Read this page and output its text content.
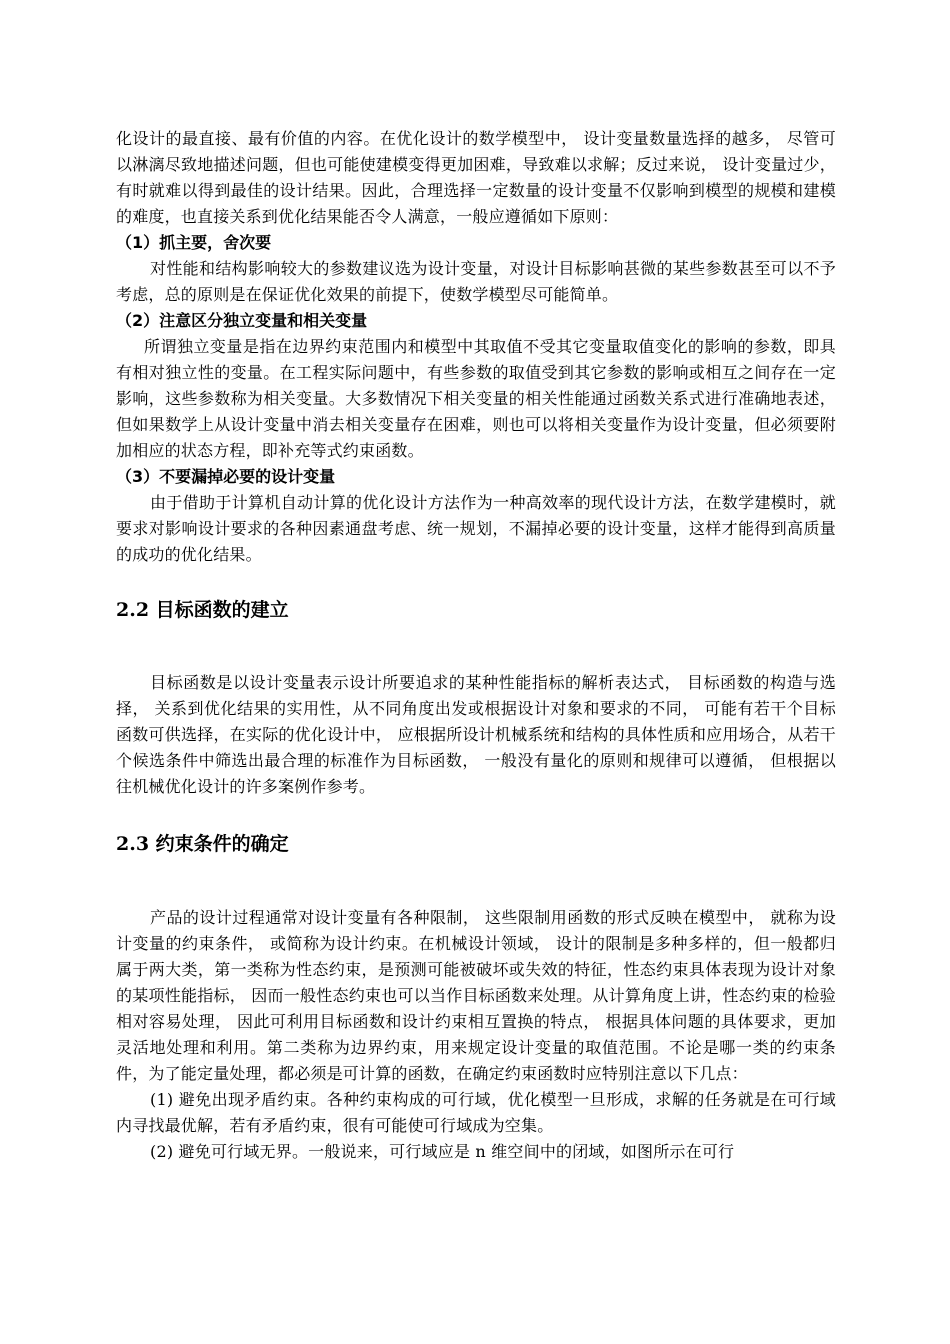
化设计的最直接、最有价值的内容。在优化设计的数学模型中， 设计变量数量选择的越多， 尽管可以淋漓尽致地描述问题，但也可能使建模变得更加困难，导致难以求解；反过来说， 设计变量过少， 有时就难以得到最佳的设计结果。因此，合理选择一定数量的设计变量不仅影响到模型的规模和建模的难度，也直接关系到优化结果能否令人满意，一般应遵循如下原则：

（1）抓主要，舍次要

对性能和结构影响较大的参数建议选为设计变量，对设计目标影响甚微的某些参数甚至可以不予考虑，总的原则是在保证优化效果的前提下，使数学模型尽可能简单。

（2）注意区分独立变量和相关变量

所谓独立变量是指在边界约束范围内和模型中其取值不受其它变量取值变化的影响的参数，即具有相对独立性的变量。在工程实际问题中，有些参数的取值受到其它参数的影响或相互之间存在一定影响，这些参数称为相关变量。大多数情况下相关变量的相关性能通过函数关系式进行准确地表述，但如果数学上从设计变量中消去相关变量存在困难，则也可以将相关变量作为设计变量，但必须要附加相应的状态方程，即补充等式约束函数。

（3）不要漏掉必要的设计变量

由于借助于计算机自动计算的优化设计方法作为一种高效率的现代设计方法，在数学建模时，就要求对影响设计要求的各种因素通盘考虑、统一规划，不漏掉必要的设计变量，这样才能得到高质量的成功的优化结果。

2.2 目标函数的建立

目标函数是以设计变量表示设计所要追求的某种性能指标的解析表达式， 目标函数的构造与选择， 关系到优化结果的实用性，从不同角度出发或根据设计对象和要求的不同， 可能有若干个目标函数可供选择，在实际的优化设计中， 应根据所设计机械系统和结构的具体性质和应用场合，从若干个候选条件中筛选出最合理的标准作为目标函数， 一般没有量化的原则和规律可以遵循， 但根据以往机械优化设计的许多案例作参考。

2.3 约束条件的确定

产品的设计过程通常对设计变量有各种限制， 这些限制用函数的形式反映在模型中， 就称为设计变量的约束条件， 或简称为设计约束。在机械设计领域， 设计的限制是多种多样的，但一般都归属于两大类，第一类称为性态约束，是预测可能被破坏或失效的特征，性态约束具体表现为设计对象的某项性能指标， 因而一般性态约束也可以当作目标函数来处理。从计算角度上讲，性态约束的检验相对容易处理， 因此可利用目标函数和设计约束相互置换的特点， 根据具体问题的具体要求，更加灵活地处理和利用。第二类称为边界约束，用来规定设计变量的取值范围。不论是哪一类的约束条件，为了能定量处理，都必须是可计算的函数，在确定约束函数时应特别注意以下几点：

(1) 避免出现矛盾约束。各种约束构成的可行域，优化模型一旦形成，求解的任务就是在可行域内寻找最优解，若有矛盾约束，很有可能使可行域成为空集。

(2) 避免可行域无界。一般说来，可行域应是 n 维空间中的闭域，如图所示在可行
